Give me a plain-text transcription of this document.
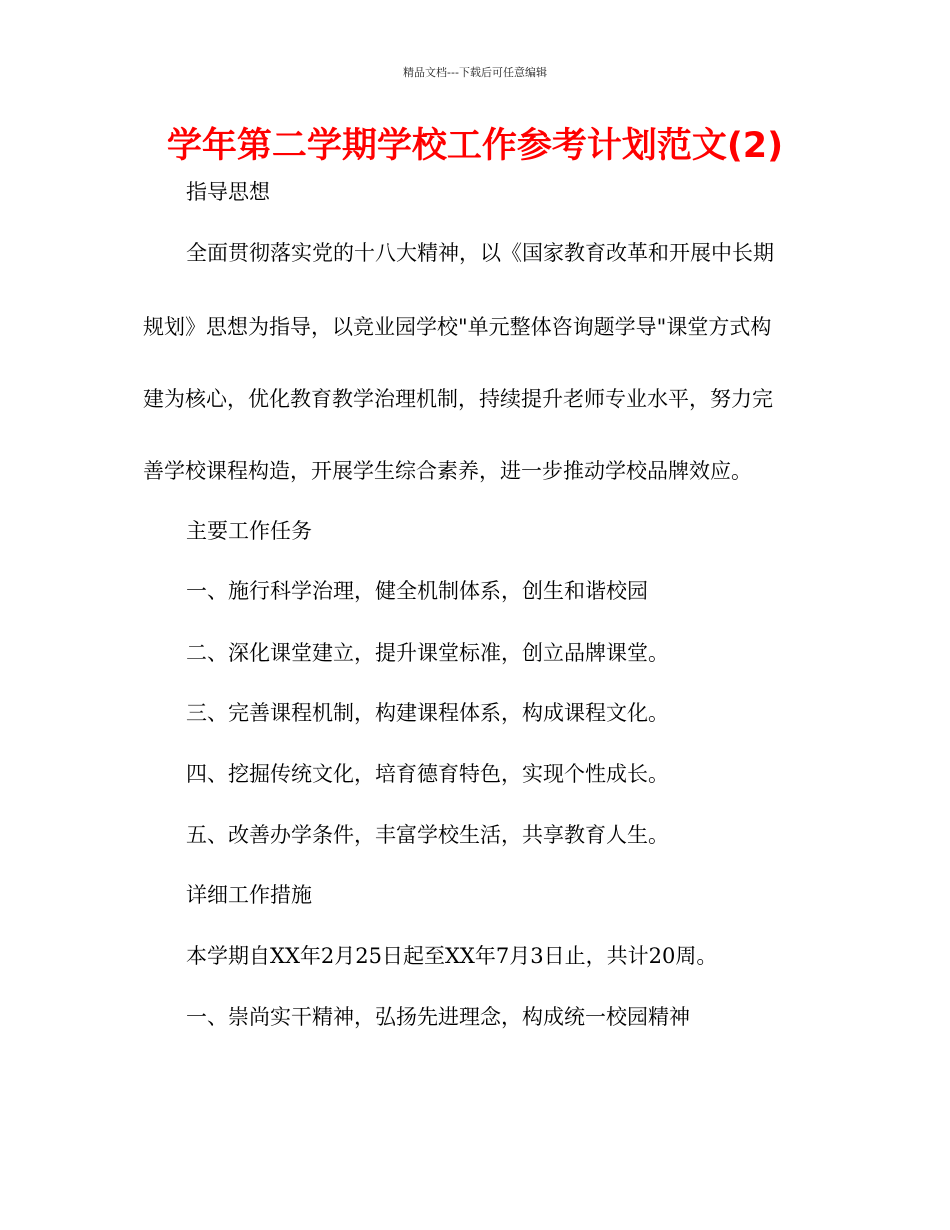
精品文档---下载后可任意编辑
学年第二学期学校工作参考计划范文(2)

指导思想

全面贯彻落实党的十八大精神，以《国家教育改革和开展中长期

规划》思想为指导，以竞业园学校"单元整体咨询题学导"课堂方式构

建为核心，优化教育教学治理机制，持续提升老师专业水平，努力完

善学校课程构造，开展学生综合素养，进一步推动学校品牌效应。

主要工作任务

一、施行科学治理，健全机制体系，创生和谐校园

二、深化课堂建立，提升课堂标准，创立品牌课堂。

三、完善课程机制，构建课程体系，构成课程文化。

四、挖掘传统文化，培育德育特色，实现个性成长。

五、改善办学条件，丰富学校生活，共享教育人生。

详细工作措施

本学期自XX年2月25日起至XX年7月3日止，共计20周。

一、崇尚实干精神，弘扬先进理念，构成统一校园精神
